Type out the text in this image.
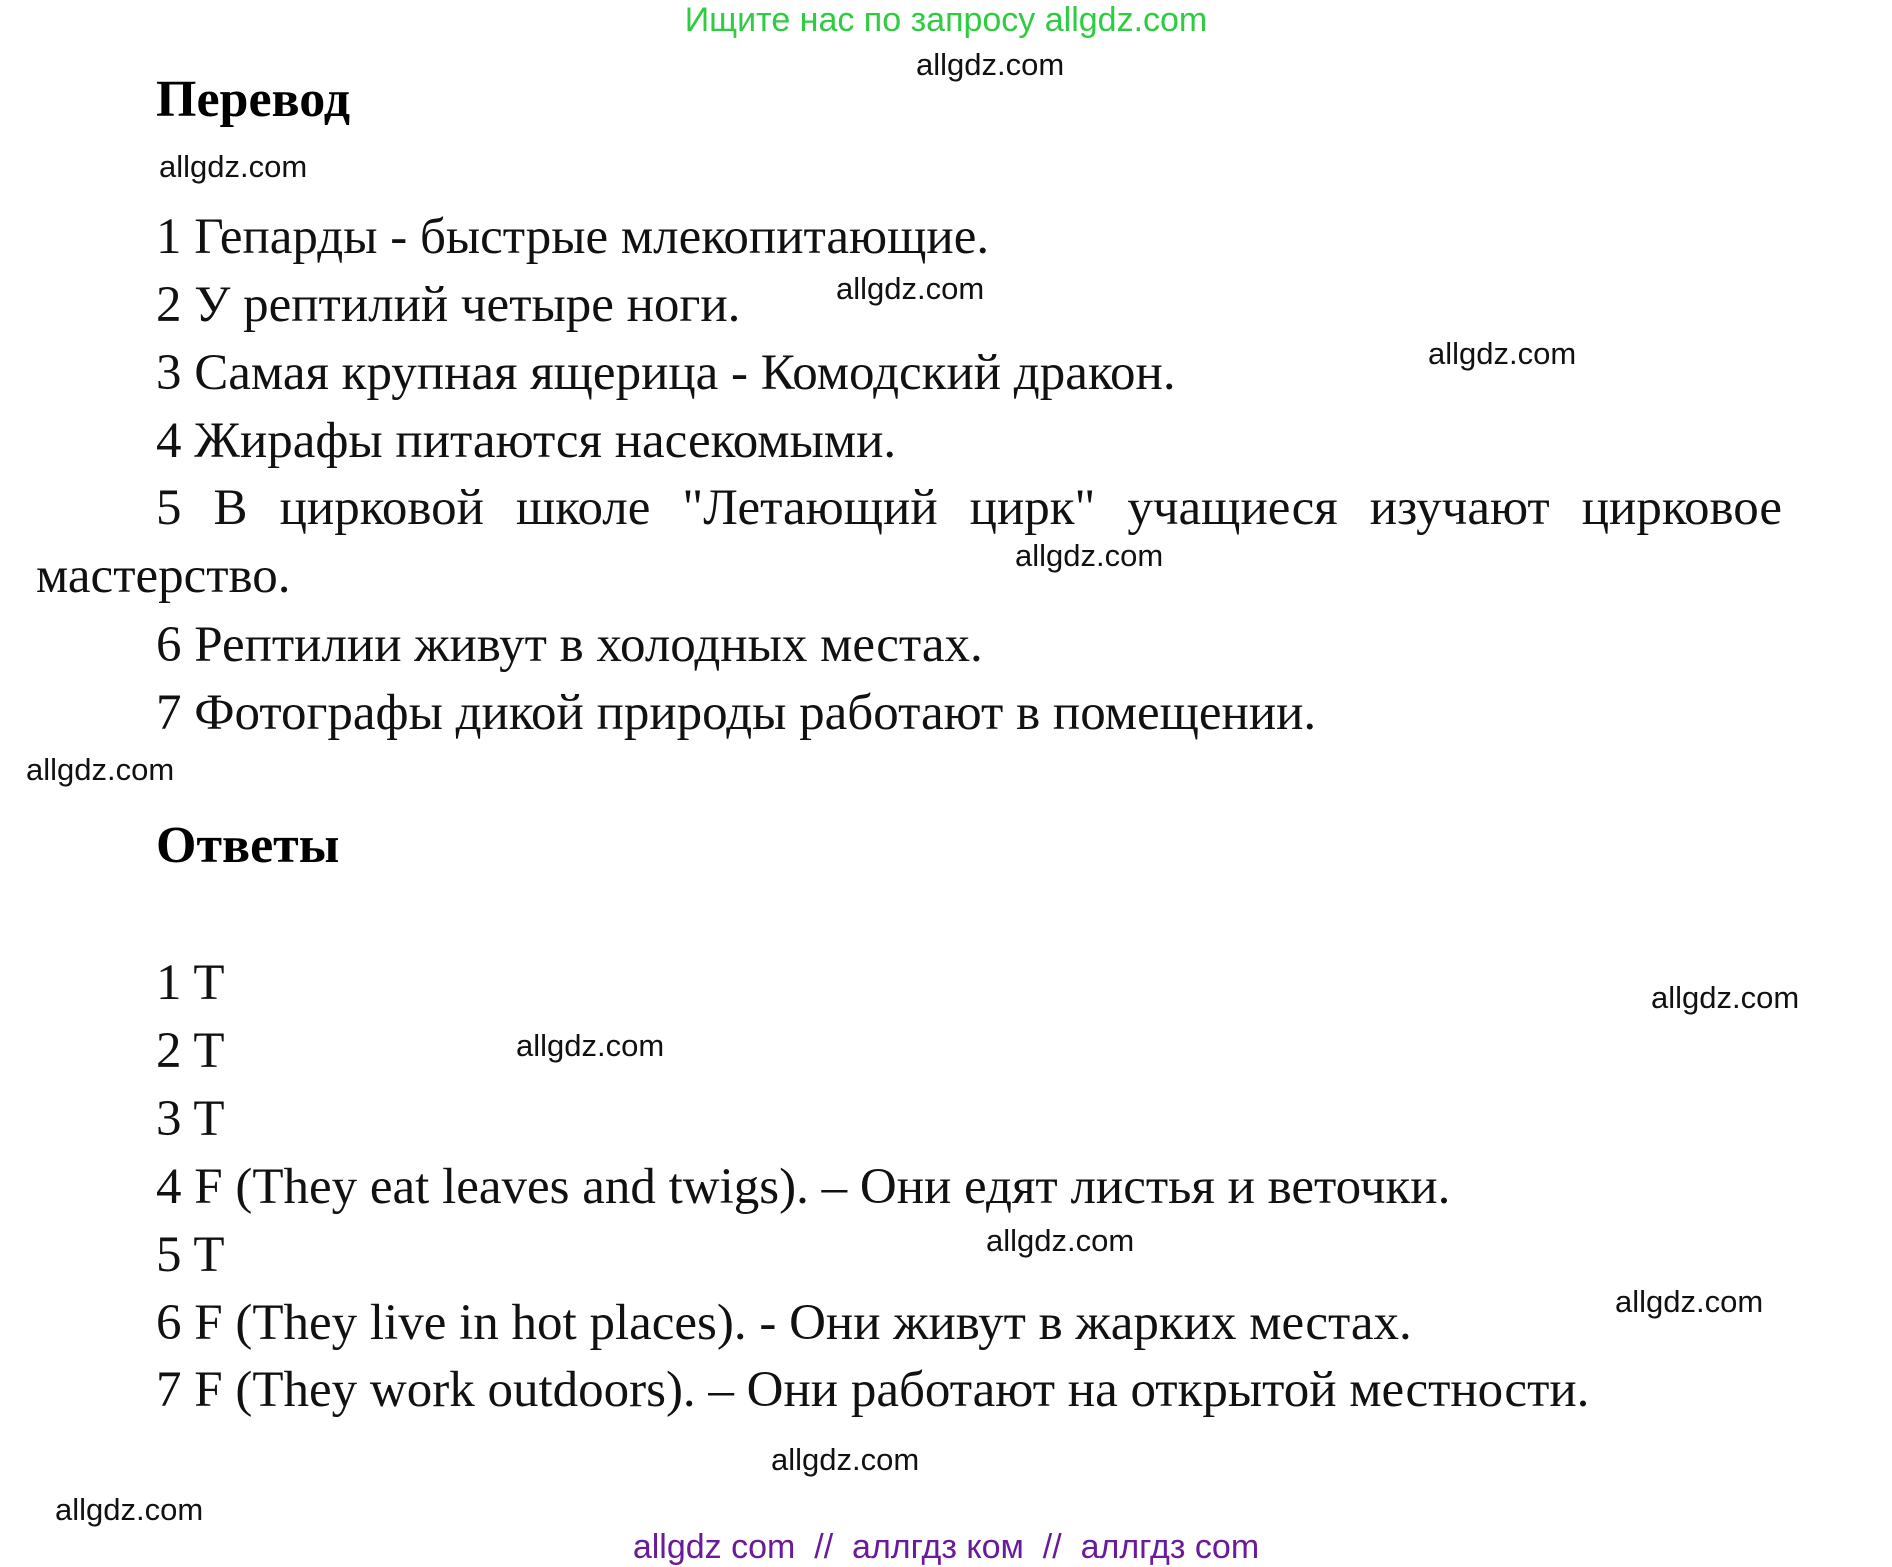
Ищите нас по запросу allgdz.com
allgdz.com
allgdz.com
allgdz.com
allgdz.com
allgdz.com
allgdz.com
allgdz.com
allgdz.com
allgdz.com
allgdz.com
allgdz.com
allgdz.com
Перевод
1 Гепарды - быстрые млекопитающие.
2 У рептилий четыре ноги.
3 Самая крупная ящерица - Комодский дракон.
4 Жирафы питаются насекомыми.
5 В цирковой школе "Летающий цирк" учащиеся изучают цирковое мастерство.
6 Рептилии живут в холодных местах.
7 Фотографы дикой природы работают в помещении.
Ответы
1 T
2 T
3 T
4 F (They eat leaves and twigs). – Они едят листья и веточки.
5 T
6 F (They live in hot places). - Они живут в жарких местах.
7 F (They work outdoors). – Они работают на открытой местности.
allgdz com  //  аллгдз ком  //  аллгдз com
